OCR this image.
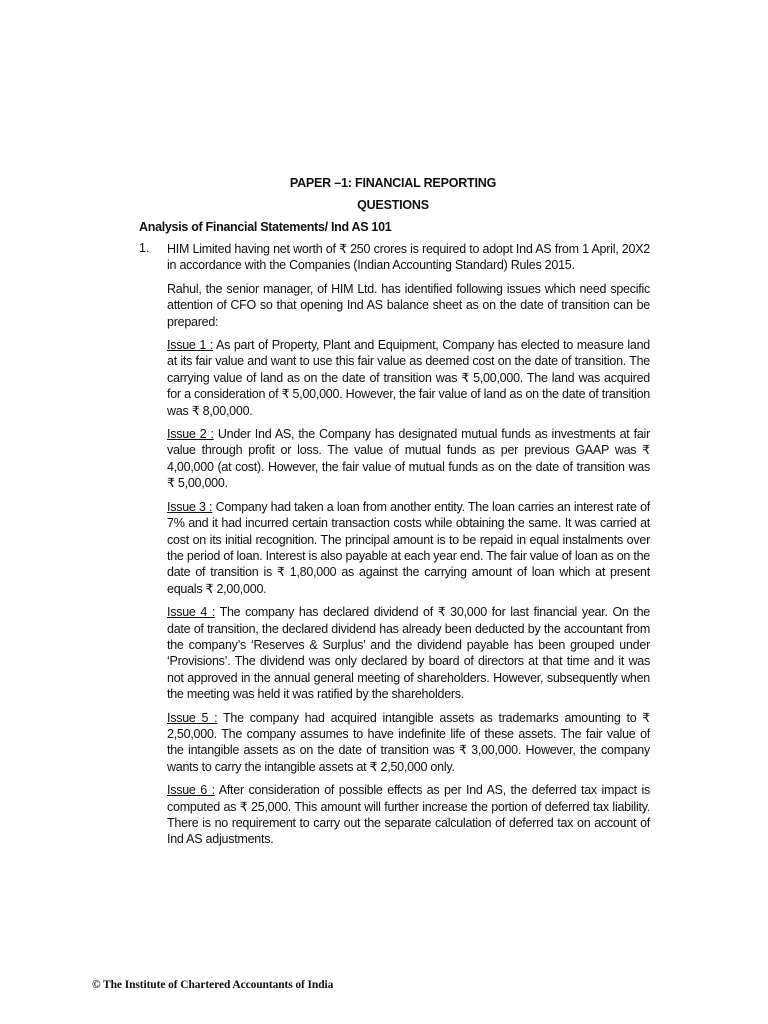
PAPER –1: FINANCIAL REPORTING
QUESTIONS
Analysis of Financial Statements/ Ind AS 101
1. HIM Limited having net worth of ₹ 250 crores is required to adopt Ind AS from 1 April, 20X2 in accordance with the Companies (Indian Accounting Standard) Rules 2015.

Rahul, the senior manager, of HIM Ltd. has identified following issues which need specific attention of CFO so that opening Ind AS balance sheet as on the date of transition can be prepared:

Issue 1 : As part of Property, Plant and Equipment, Company has elected to measure land at its fair value and want to use this fair value as deemed cost on the date of transition. The carrying value of land as on the date of transition was ₹ 5,00,000. The land was acquired for a consideration of ₹ 5,00,000. However, the fair value of land as on the date of transition was ₹ 8,00,000.

Issue 2 : Under Ind AS, the Company has designated mutual funds as investments at fair value through profit or loss. The value of mutual funds as per previous GAAP was ₹ 4,00,000 (at cost). However, the fair value of mutual funds as on the date of transition was ₹ 5,00,000.

Issue 3 : Company had taken a loan from another entity. The loan carries an interest rate of 7% and it had incurred certain transaction costs while obtaining the same. It was carried at cost on its initial recognition. The principal amount is to be repaid in equal instalments over the period of loan. Interest is also payable at each year end. The fair value of loan as on the date of transition is ₹ 1,80,000 as against the carrying amount of loan which at present equals ₹ 2,00,000.

Issue 4 : The company has declared dividend of ₹ 30,000 for last financial year. On the date of transition, the declared dividend has already been deducted by the accountant from the company’s ‘Reserves & Surplus’ and the dividend payable has been grouped under ‘Provisions’. The dividend was only declared by board of directors at that time and it was not approved in the annual general meeting of shareholders. However, subsequently when the meeting was held it was ratified by the shareholders.

Issue 5 : The company had acquired intangible assets as trademarks amounting to ₹ 2,50,000. The company assumes to have indefinite life of these assets. The fair value of the intangible assets as on the date of transition was ₹ 3,00,000. However, the company wants to carry the intangible assets at ₹ 2,50,000 only.

Issue 6 : After consideration of possible effects as per Ind AS, the deferred tax impact is computed as ₹ 25,000. This amount will further increase the portion of deferred tax liability. There is no requirement to carry out the separate calculation of deferred tax on account of Ind AS adjustments.

© The Institute of Chartered Accountants of India
